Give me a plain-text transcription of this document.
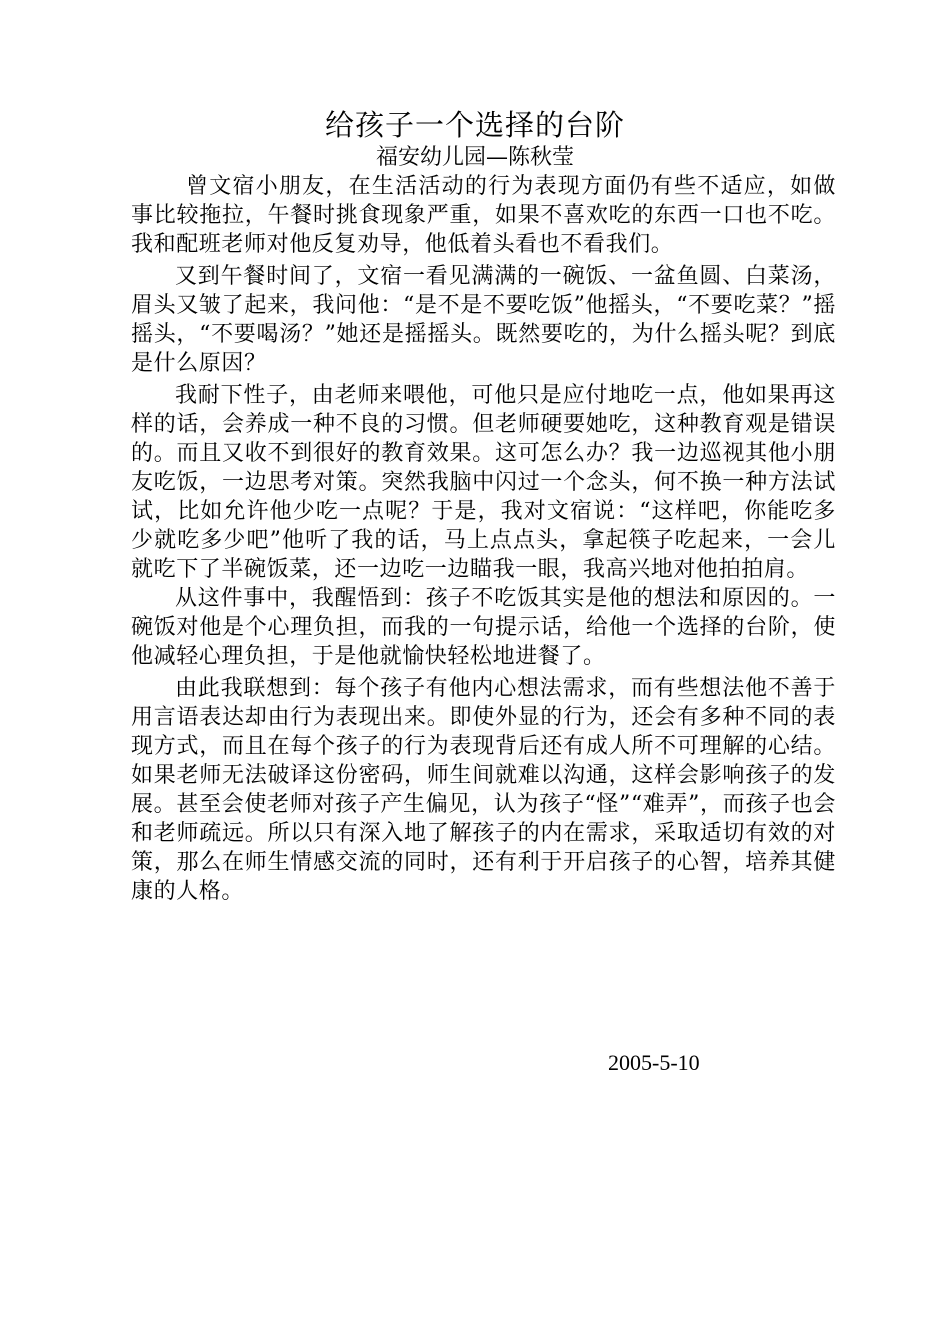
给孩子一个选择的台阶
福安幼儿园—陈秋莹

曾文宿小朋友，在生活活动的行为表现方面仍有些不适应，如做事比较拖拉，午餐时挑食现象严重，如果不喜欢吃的东西一口也不吃。我和配班老师对他反复劝导，他低着头看也不看我们。

又到午餐时间了，文宿一看见满满的一碗饭、一盆鱼圆、白菜汤，眉头又皱了起来，我问他：“是不是不要吃饭”他摇头，“不要吃菜？”摇摇头，“不要喝汤？”她还是摇摇头。既然要吃的，为什么摇头呢？到底是什么原因？

我耐下性子，由老师来喂他，可他只是应付地吃一点，他如果再这样的话，会养成一种不良的习惯。但老师硬要她吃，这种教育观是错误的。而且又收不到很好的教育效果。这可怎么办？我一边巡视其他小朋友吃饭，一边思考对策。突然我脑中闪过一个念头，何不换一种方法试试，比如允许他少吃一点呢？于是，我对文宿说：“这样吧，你能吃多少就吃多少吧”他听了我的话，马上点点头，拿起筷子吃起来，一会儿就吃下了半碗饭菜，还一边吃一边瞄我一眼，我高兴地对他拍拍肩。

从这件事中，我醒悟到：孩子不吃饭其实是他的想法和原因的。一碗饭对他是个心理负担，而我的一句提示话，给他一个选择的台阶，使他减轻心理负担，于是他就愉快轻松地进餐了。

由此我联想到：每个孩子有他内心想法需求，而有些想法他不善于用言语表达却由行为表现出来。即使外显的行为，还会有多种不同的表现方式，而且在每个孩子的行为表现背后还有成人所不可理解的心结。如果老师无法破译这份密码，师生间就难以沟通，这样会影响孩子的发展。甚至会使老师对孩子产生偏见，认为孩子“怪”“难弄”，而孩子也会和老师疏远。所以只有深入地了解孩子的内在需求，采取适切有效的对策，那么在师生情感交流的同时，还有利于开启孩子的心智，培养其健康的人格。

2005-5-10
